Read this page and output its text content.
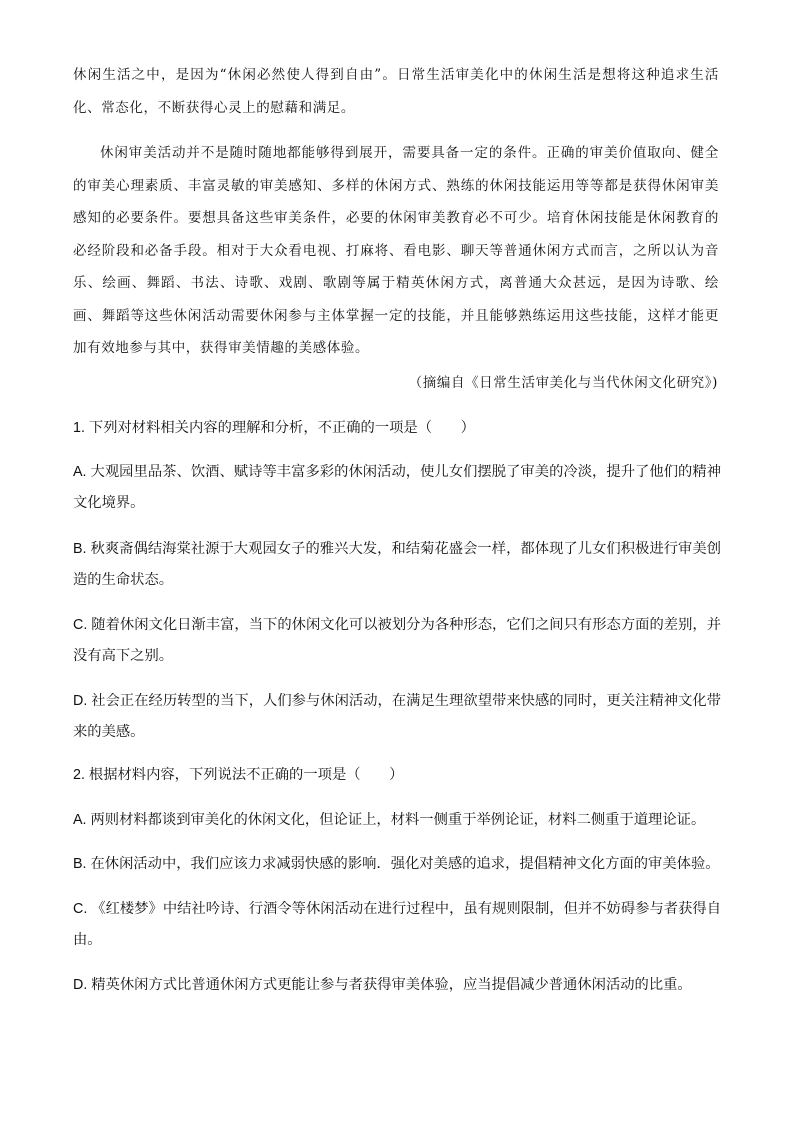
休闲生活之中，是因为“休闲必然使人得到自由”。日常生活审美化中的休闲生活是想将这种追求生活化、常态化，不断获得心灵上的慰藉和满足。
休闲审美活动并不是随时随地都能够得到展开，需要具备一定的条件。正确的审美价值取向、健全的审美心理素质、丰富灵敏的审美感知、多样的休闲方式、熟练的休闲技能运用等等都是获得休闲审美感知的必要条件。要想具备这些审美条件，必要的休闲审美教育必不可少。培育休闲技能是休闲教育的必经阶段和必备手段。相对于大众看电视、打麻将、看电影、聊天等普通休闲方式而言，之所以认为音乐、绘画、舞蹈、书法、诗歌、戏剧、歌剧等属于精英休闲方式，离普通大众甚远，是因为诗歌、绘画、舞蹈等这些休闲活动需要休闲参与主体掌握一定的技能，并且能够熟练运用这些技能，这样才能更加有效地参与其中，获得审美情趣的美感体验。
（摘编自《日常生活审美化与当代休闲文化研究》)
1. 下列对材料相关内容的理解和分析，不正确的一项是（　　）
A. 大观园里品茶、饮酒、赋诗等丰富多彩的休闲活动，使儿女们摆脱了审美的冷淡，提升了他们的精神文化境界。
B. 秋爽斋偶结海棠社源于大观园女子的雅兴大发，和结菊花盛会一样，都体现了儿女们积极进行审美创造的生命状态。
C. 随着休闲文化日渐丰富，当下的休闲文化可以被划分为各种形态，它们之间只有形态方面的差别，并没有高下之别。
D. 社会正在经历转型的当下，人们参与休闲活动，在满足生理欲望带来快感的同时，更关注精神文化带来的美感。
2. 根据材料内容，下列说法不正确的一项是（　　）
A. 两则材料都谈到审美化的休闲文化，但论证上，材料一侧重于举例论证，材料二侧重于道理论证。
B. 在休闲活动中，我们应该力求减弱快感的影响．强化对美感的追求，提倡精神文化方面的审美体验。
C. 《红楼梦》中结社吟诗、行酒令等休闲活动在进行过程中，虽有规则限制，但并不妨碍参与者获得自由。
D. 精英休闲方式比普通休闲方式更能让参与者获得审美体验，应当提倡减少普通休闲活动的比重。
